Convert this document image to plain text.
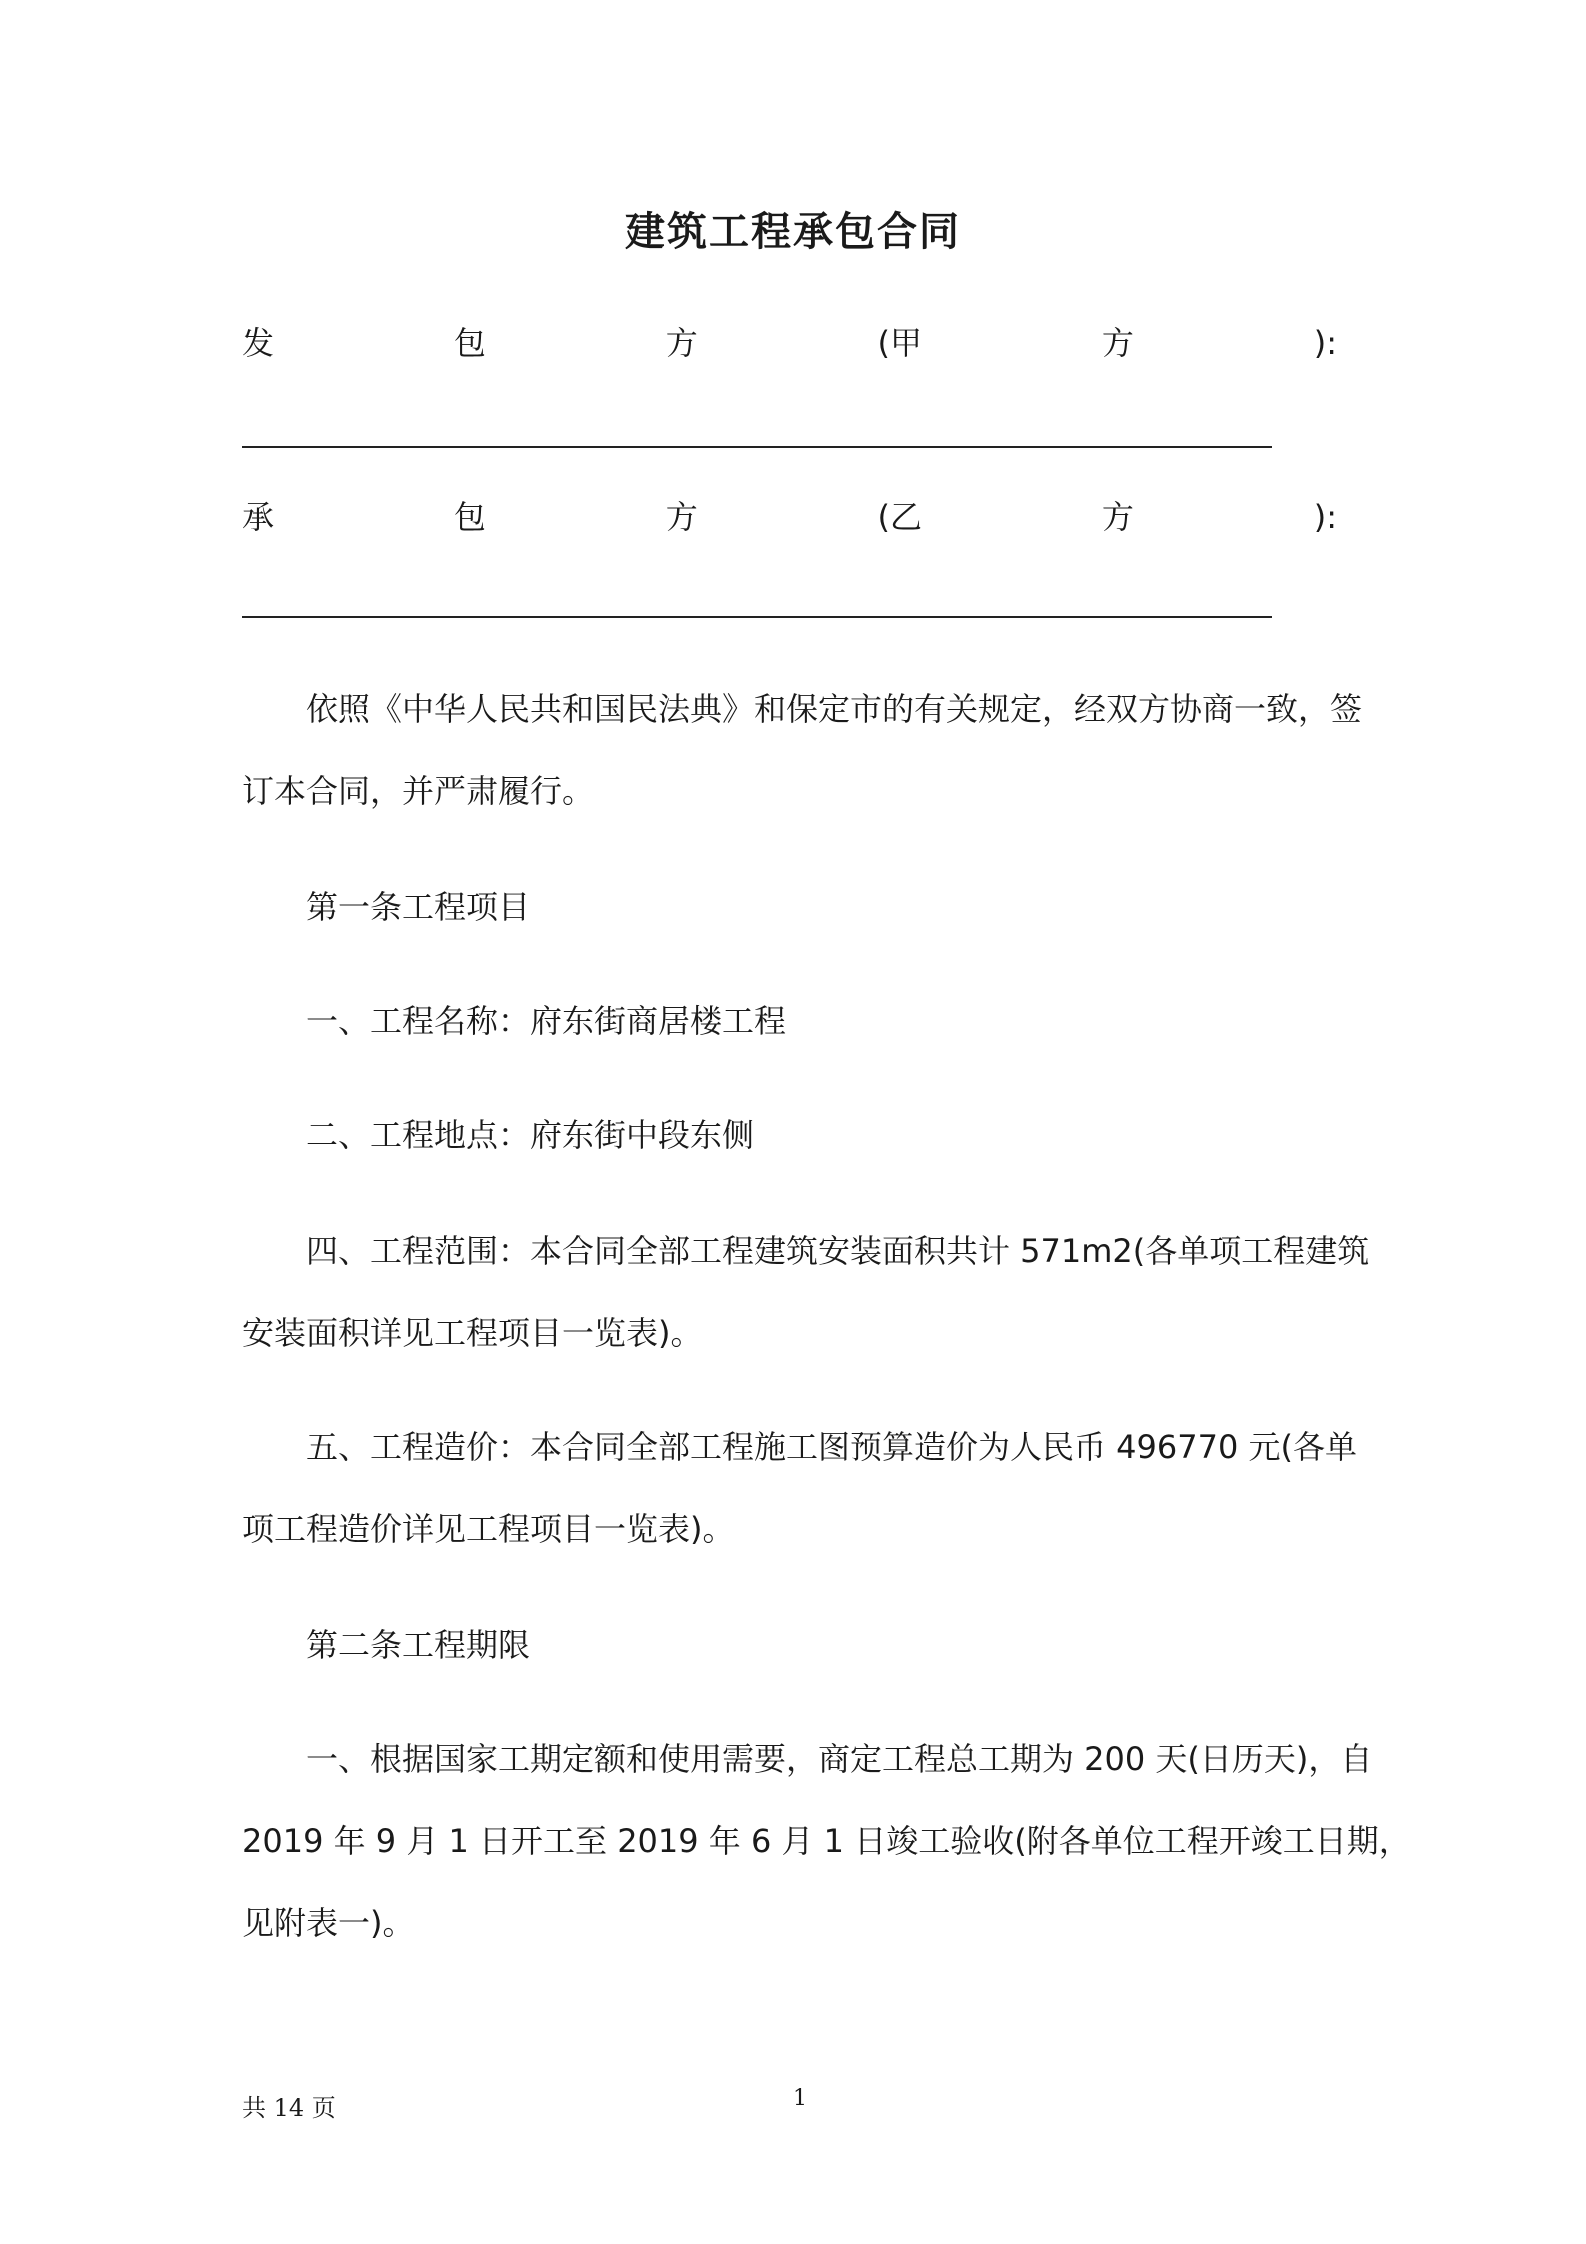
建筑工程承包合同
发	包	方	(甲	方	):
承	包	方	(乙	方	):
依照《中华人民共和国民法典》和保定市的有关规定，经双方协商一致，签
订本合同，并严肃履行。
第一条工程项目
一、工程名称：府东街商居楼工程
二、工程地点：府东街中段东侧
四、工程范围：本合同全部工程建筑安装面积共计 571m2(各单项工程建筑
安装面积详见工程项目一览表)。
五、工程造价：本合同全部工程施工图预算造价为人民币 496770 元(各单
项工程造价详见工程项目一览表)。
第二条工程期限
一、根据国家工期定额和使用需要，商定工程总工期为 200 天(日历天)，自
2019 年 9 月 1 日开工至 2019 年 6 月 1 日竣工验收(附各单位工程开竣工日期，
见附表一)。
共 14 页	1
